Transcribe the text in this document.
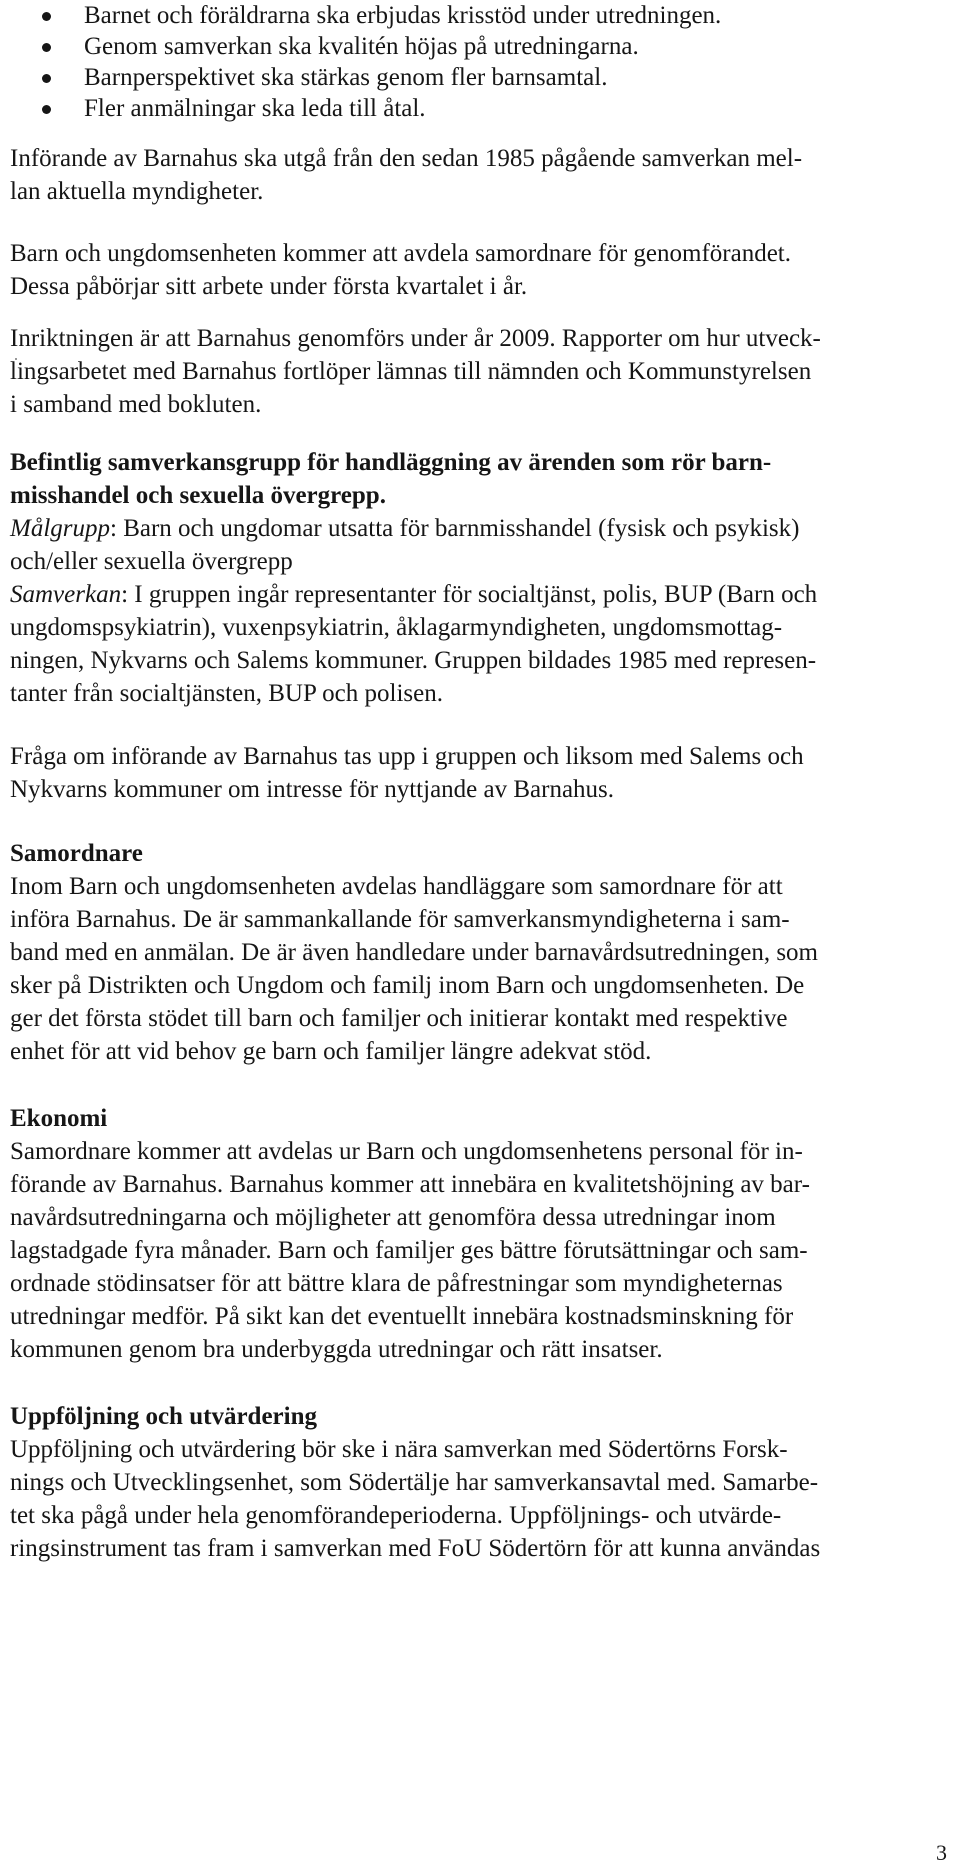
Barnet och föräldrarna ska erbjudas krisstöd under utredningen.
Genom samverkan ska kvalitén höjas på utredningarna.
Barnperspektivet ska stärkas genom fler barnsamtal.
Fler anmälningar ska leda till åtal.
Införande av Barnahus ska utgå från den sedan 1985 pågående samverkan mel-
lan aktuella myndigheter.
Barn och ungdomsenheten kommer att avdela samordnare för genomförandet.
Dessa påbörjar sitt arbete under första kvartalet i år.
Inriktningen är att Barnahus genomförs under år 2009. Rapporter om hur utveck-
lingsarbetet med Barnahus fortlöper lämnas till nämnden och Kommunstyrelsen
i samband med bokluten.
Befintlig samverkansgrupp för handläggning av ärenden som rör barn-
misshandel och sexuella övergrepp.
Målgrupp: Barn och ungdomar utsatta för barnmisshandel (fysisk och psykisk)
och/eller sexuella övergrepp
Samverkan: I gruppen ingår representanter för socialtjänst, polis, BUP (Barn och
ungdomspsykiatrin), vuxenpsykiatrin, åklagarmyndigheten, ungdomsmottag-
ningen, Nykvarns och Salems kommuner. Gruppen bildades 1985 med represen-
tanter från socialtjänsten, BUP och polisen.
Fråga om införande av Barnahus tas upp i gruppen och liksom med Salems och
Nykvarns kommuner om intresse för nyttjande av Barnahus.
Samordnare
Inom Barn och ungdomsenheten avdelas handläggare som samordnare för att
införa Barnahus. De är sammankallande för samverkansmyndigheterna i sam-
band med en anmälan. De är även handledare under barnavårdsutredningen, som
sker på Distrikten och Ungdom och familj inom Barn och ungdomsenheten. De
ger det första stödet till barn och familjer och initierar kontakt med respektive
enhet för att vid behov ge barn och familjer längre adekvat stöd.
Ekonomi
Samordnare kommer att avdelas ur Barn och ungdomsenhetens personal för in-
förande av Barnahus. Barnahus kommer att innebära en kvalitetshöjning av bar-
navårdsutredningarna och möjligheter att genomföra dessa utredningar inom
lagstadgade fyra månader. Barn och familjer ges bättre förutsättningar och sam-
ordnade stödinsatser för att bättre klara de påfrestningar som myndigheternas
utredningar medför. På sikt kan det eventuellt innebära kostnadsminskning för
kommunen genom bra underbyggda utredningar och rätt insatser.
Uppföljning och utvärdering
Uppföljning och utvärdering bör ske i nära samverkan med Södertörns Forsk-
nings och Utvecklingsenhet, som Södertälje har samverkansavtal med. Samarbe-
tet ska pågå under hela genomförandeperioderna. Uppföljnings- och utvärde-
ringsinstrument tas fram i samverkan med FoU Södertörn för att kunna användas
3
